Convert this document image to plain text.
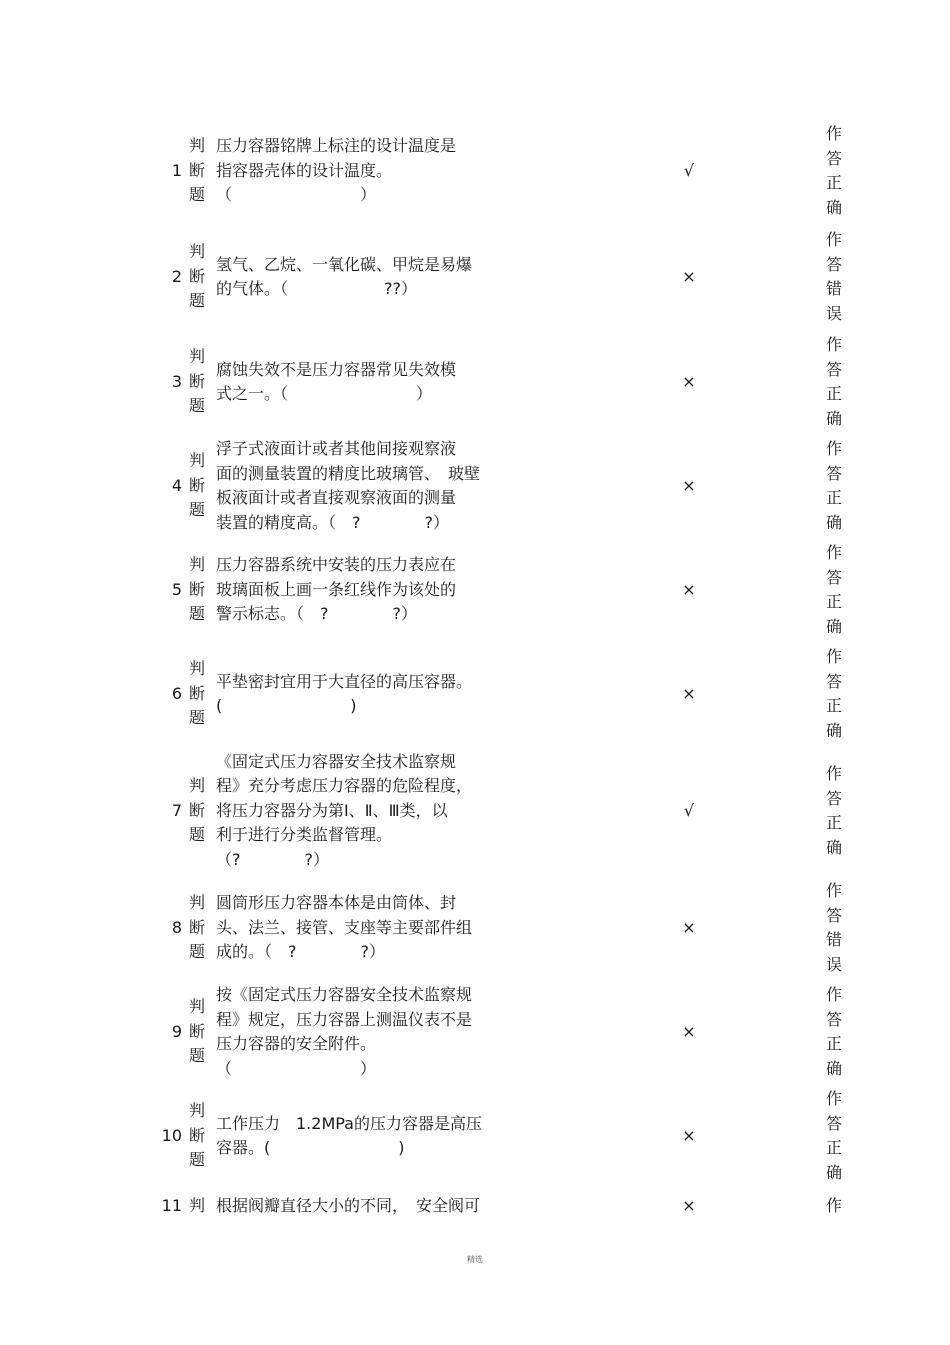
1	判
断
题	压力容器铭牌上标注的设计温度是
指容器壳体的设计温度。
（　　　　　　　　）	√	作
答
正
确
2	判
断
题	氢气、乙烷、一氧化碳、甲烷是易爆
的气体。（　　　　　　??）	×	作
答
错
误
3	判
断
题	腐蚀失效不是压力容器常见失效模
式之一。（　　　　　　　　）	×	作
答
正
确
4	判
断
题	浮子式液面计或者其他间接观察液
面的测量装置的精度比玻璃管、　玻壁
板液面计或者直接观察液面的测量
装置的精度高。（　?　　　　?）	×	作
答
正
确
5	判
断
题	压力容器系统中安装的压力表应在
玻璃面板上画一条红线作为该处的
警示标志。（　?　　　　?）	×	作
答
正
确
6	判
断
题	平垫密封宜用于大直径的高压容器。
(　　　　　　　　)	×	作
答
正
确
7	判
断
题	《固定式压力容器安全技术监察规
程》充分考虑压力容器的危险程度，
将压力容器分为第Ⅰ、Ⅱ、Ⅲ类，以
利于进行分类监督管理。
（?　　　　?）	√	作
答
正
确
8	判
断
题	圆筒形压力容器本体是由筒体、封
头、法兰、接管、支座等主要部件组
成的。（　?　　　　?）	×	作
答
错
误
9	判
断
题	按《固定式压力容器安全技术监察规
程》规定，压力容器上测温仪表不是
压力容器的安全附件。
（　　　　　　　　）	×	作
答
正
确
10	判
断
题	工作压力　1.2MPa的压力容器是高压
容器。(　　　　　　　　)	×	作
答
正
确
11	判	根据阀瓣直径大小的不同，　安全阀可	×	作
精选
